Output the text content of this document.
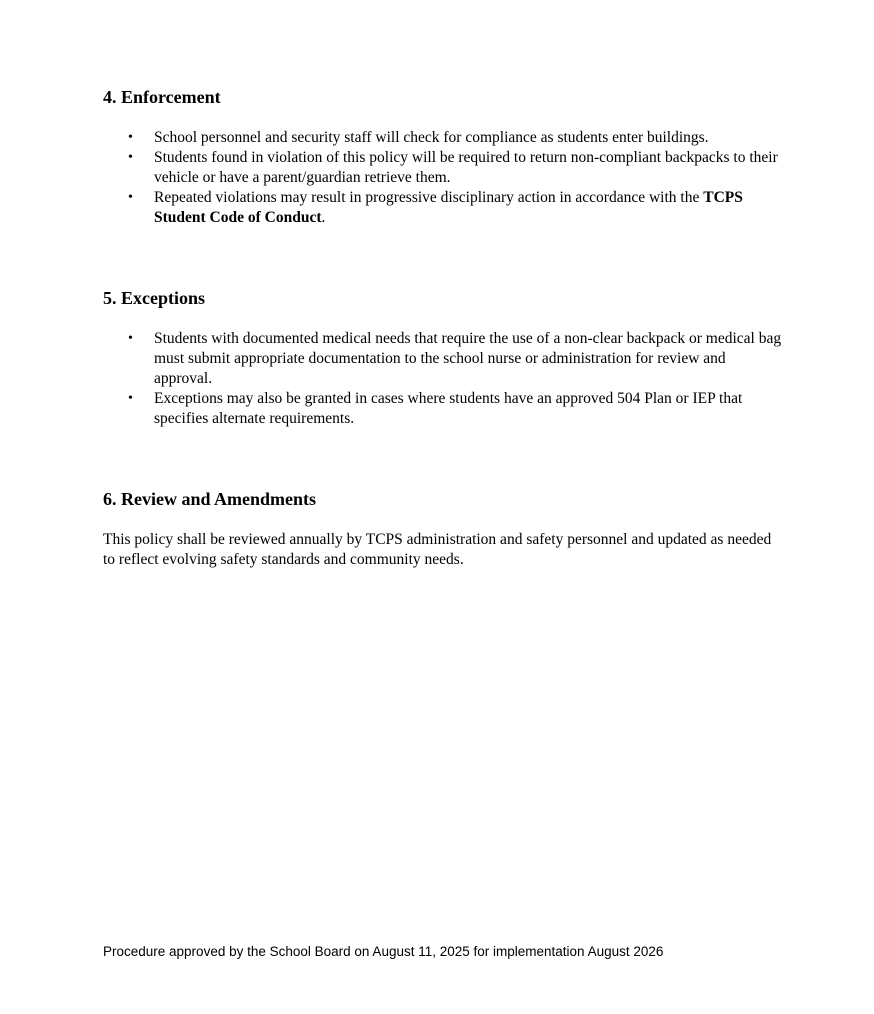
4. Enforcement
• School personnel and security staff will check for compliance as students enter buildings.
• Students found in violation of this policy will be required to return non-compliant backpacks to their vehicle or have a parent/guardian retrieve them.
• Repeated violations may result in progressive disciplinary action in accordance with the TCPS Student Code of Conduct.
5. Exceptions
• Students with documented medical needs that require the use of a non-clear backpack or medical bag must submit appropriate documentation to the school nurse or administration for review and approval.
• Exceptions may also be granted in cases where students have an approved 504 Plan or IEP that specifies alternate requirements.
6. Review and Amendments

This policy shall be reviewed annually by TCPS administration and safety personnel and updated as needed to reflect evolving safety standards and community needs.

Procedure approved by the School Board on August 11, 2025 for implementation August 2026
